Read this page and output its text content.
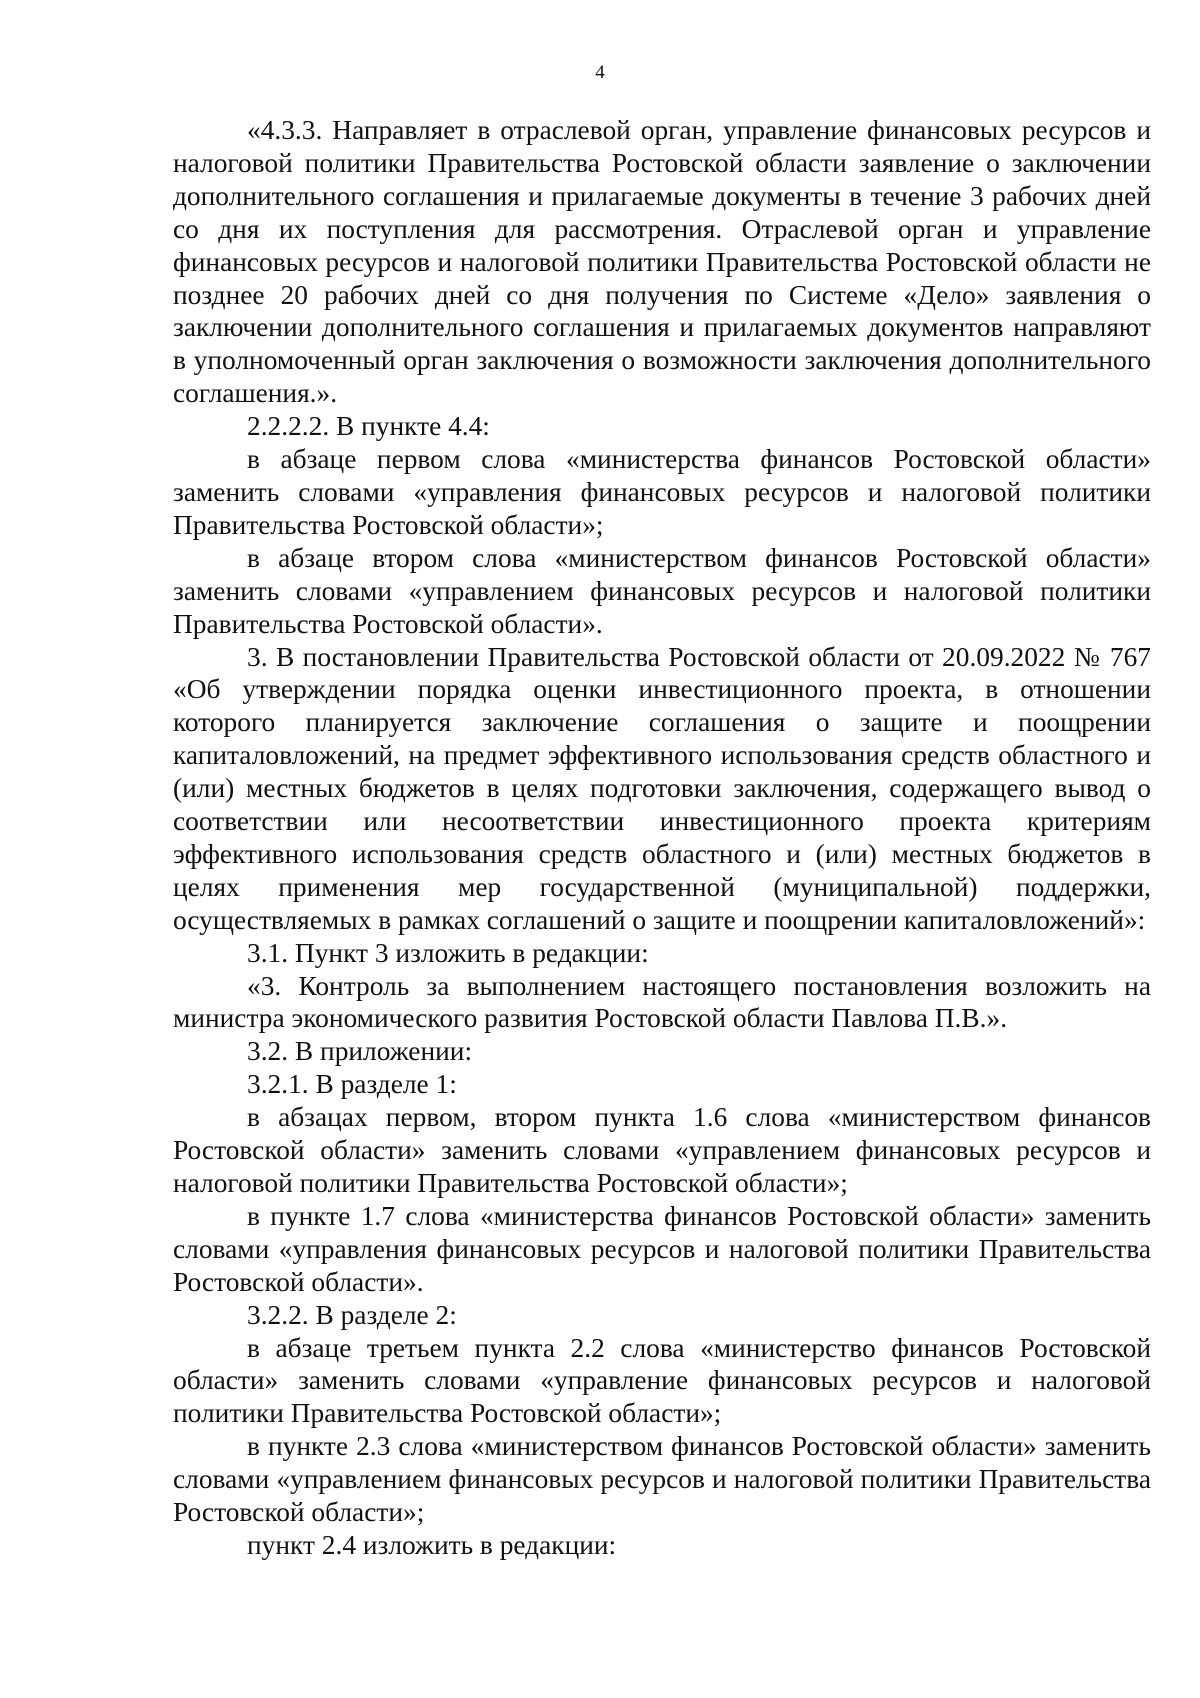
4

«4.3.3. Направляет в отраслевой орган, управление финансовых ресурсов и налоговой политики Правительства Ростовской области заявление о заключении дополнительного соглашения и прилагаемые документы в течение 3 рабочих дней со дня их поступления для рассмотрения. Отраслевой орган и управление финансовых ресурсов и налоговой политики Правительства Ростовской области не позднее 20 рабочих дней со дня получения по Системе «Дело» заявления о заключении дополнительного соглашения и прилагаемых документов направляют в уполномоченный орган заключения о возможности заключения дополнительного соглашения.».

2.2.2.2. В пункте 4.4:

в абзаце первом слова «министерства финансов Ростовской области» заменить словами «управления финансовых ресурсов и налоговой политики Правительства Ростовской области»;

в абзаце втором слова «министерством финансов Ростовской области» заменить словами «управлением финансовых ресурсов и налоговой политики Правительства Ростовской области».

3. В постановлении Правительства Ростовской области от 20.09.2022 № 767 «Об утверждении порядка оценки инвестиционного проекта, в отношении которого планируется заключение соглашения о защите и поощрении капиталовложений, на предмет эффективного использования средств областного и (или) местных бюджетов в целях подготовки заключения, содержащего вывод о соответствии или несоответствии инвестиционного проекта критериям эффективного использования средств областного и (или) местных бюджетов в целях применения мер государственной (муниципальной) поддержки, осуществляемых в рамках соглашений о защите и поощрении капиталовложений»:

3.1. Пункт 3 изложить в редакции:

«3. Контроль за выполнением настоящего постановления возложить на министра экономического развития Ростовской области Павлова П.В.».

3.2. В приложении:

3.2.1. В разделе 1:

в абзацах первом, втором пункта 1.6 слова «министерством финансов Ростовской области» заменить словами «управлением финансовых ресурсов и налоговой политики Правительства Ростовской области»;

в пункте 1.7 слова «министерства финансов Ростовской области» заменить словами «управления финансовых ресурсов и налоговой политики Правительства Ростовской области».

3.2.2. В разделе 2:

в абзаце третьем пункта 2.2 слова «министерство финансов Ростовской области» заменить словами «управление финансовых ресурсов и налоговой политики Правительства Ростовской области»;

в пункте 2.3 слова «министерством финансов Ростовской области» заменить словами «управлением финансовых ресурсов и налоговой политики Правительства Ростовской области»;

пункт 2.4 изложить в редакции:
